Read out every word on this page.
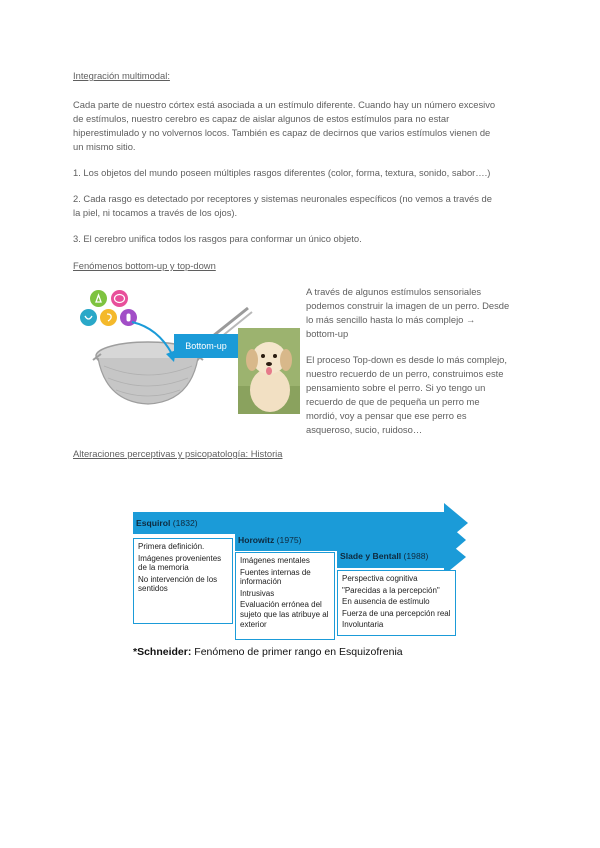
Integración multimodal:
Cada parte de nuestro córtex está asociada a un estímulo diferente. Cuando hay un número excesivo
de estímulos, nuestro cerebro es capaz de aislar algunos de estos estímulos para no estar
hiperestimulado y no volvernos locos. También es capaz de decirnos que varios estímulos vienen de
un mismo sitio.
1. Los objetos del mundo poseen múltiples rasgos diferentes (color, forma, textura, sonido, sabor….)
2. Cada rasgo es detectado por receptores y sistemas neuronales específicos (no vemos a través de
la piel, ni tocamos a través de los ojos).
3. El cerebro unifica todos los rasgos para conformar un único objeto.
Fenómenos bottom-up y top-down
Bottom-up
A través de algunos estímulos sensoriales
podemos construir la imagen de un perro. Desde
lo más sencillo hasta lo más complejo →
bottom-up
El proceso Top-down es desde lo más complejo,
nuestro recuerdo de un perro, construimos este
pensamiento sobre el perro. Si yo tengo un
recuerdo de que de pequeña un perro me
mordió, voy a pensar que ese perro es
asqueroso, sucio, ruidoso…
Alteraciones perceptivas y psicopatología: Historia
Esquirol (1832)
Horowitz (1975)
Slade y Bentall (1988)
Primera definición.
Imágenes provenientes de la memoria
No intervención de los sentidos
Imágenes mentales
Fuentes internas de información
Intrusivas
Evaluación errónea del sujeto que las atribuye al exterior
Perspectiva cognitiva
"Parecidas a la percepción"
En ausencia de estímulo
Fuerza de una percepción real
Involuntaria
*Schneider: Fenómeno de primer rango en Esquizofrenia
